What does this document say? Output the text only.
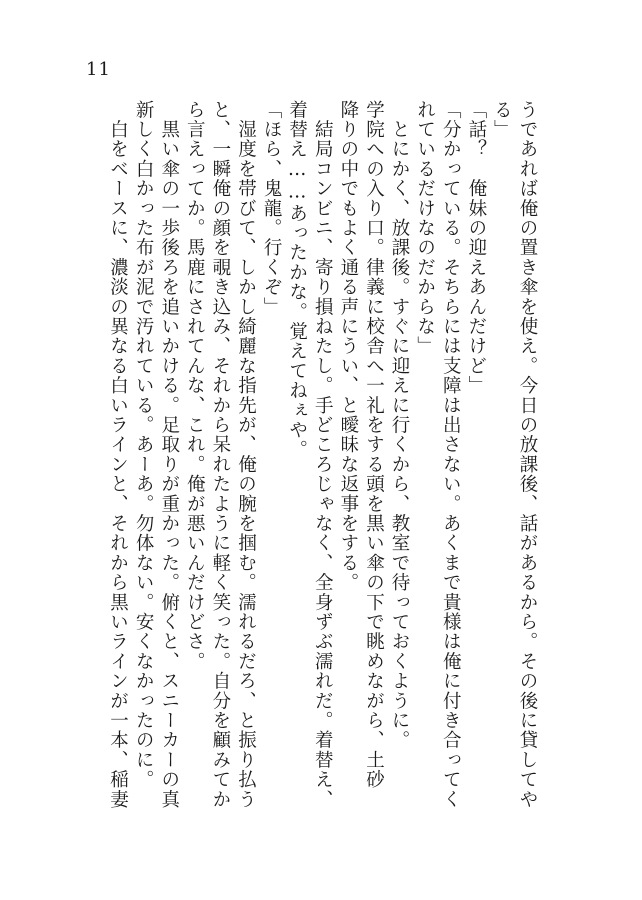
11
うであれば俺の置き傘を使え。今日の放課後、話があるから。その後に貸してや
る」
「話？　俺妹の迎えあんだけど」
「分かっている。そちらには支障は出さない。あくまで貴様は俺に付き合ってく
れているだけなのだからな」
　とにかく、放課後。すぐに迎えに行くから、教室で待っておくように。
学院への入り口。律義に校舎へ一礼をする頭を黒い傘の下で眺めながら、土砂
降りの中でもよく通る声にうい、と曖昧な返事をする。
　結局コンビニ、寄り損ねたし。手どころじゃなく、全身ずぶ濡れだ。着替え、
着替え……あったかな。覚えてねぇや。
「ほら、鬼龍。行くぞ」
　湿度を帯びて、しかし綺麗な指先が、俺の腕を掴む。濡れるだろ、と振り払う
と、一瞬俺の顔を覗き込み、それから呆れたように軽く笑った。自分を顧みてか
ら言えってか。馬鹿にされてんな、これ。俺が悪いんだけどさ。
　黒い傘の一歩後ろを追いかける。足取りが重かった。俯くと、スニーカーの真
新しく白かった布が泥で汚れている。あーあ。勿体ない。安くなかったのに。
　白をベースに、濃淡の異なる白いラインと、それから黒いラインが一本、稲妻
